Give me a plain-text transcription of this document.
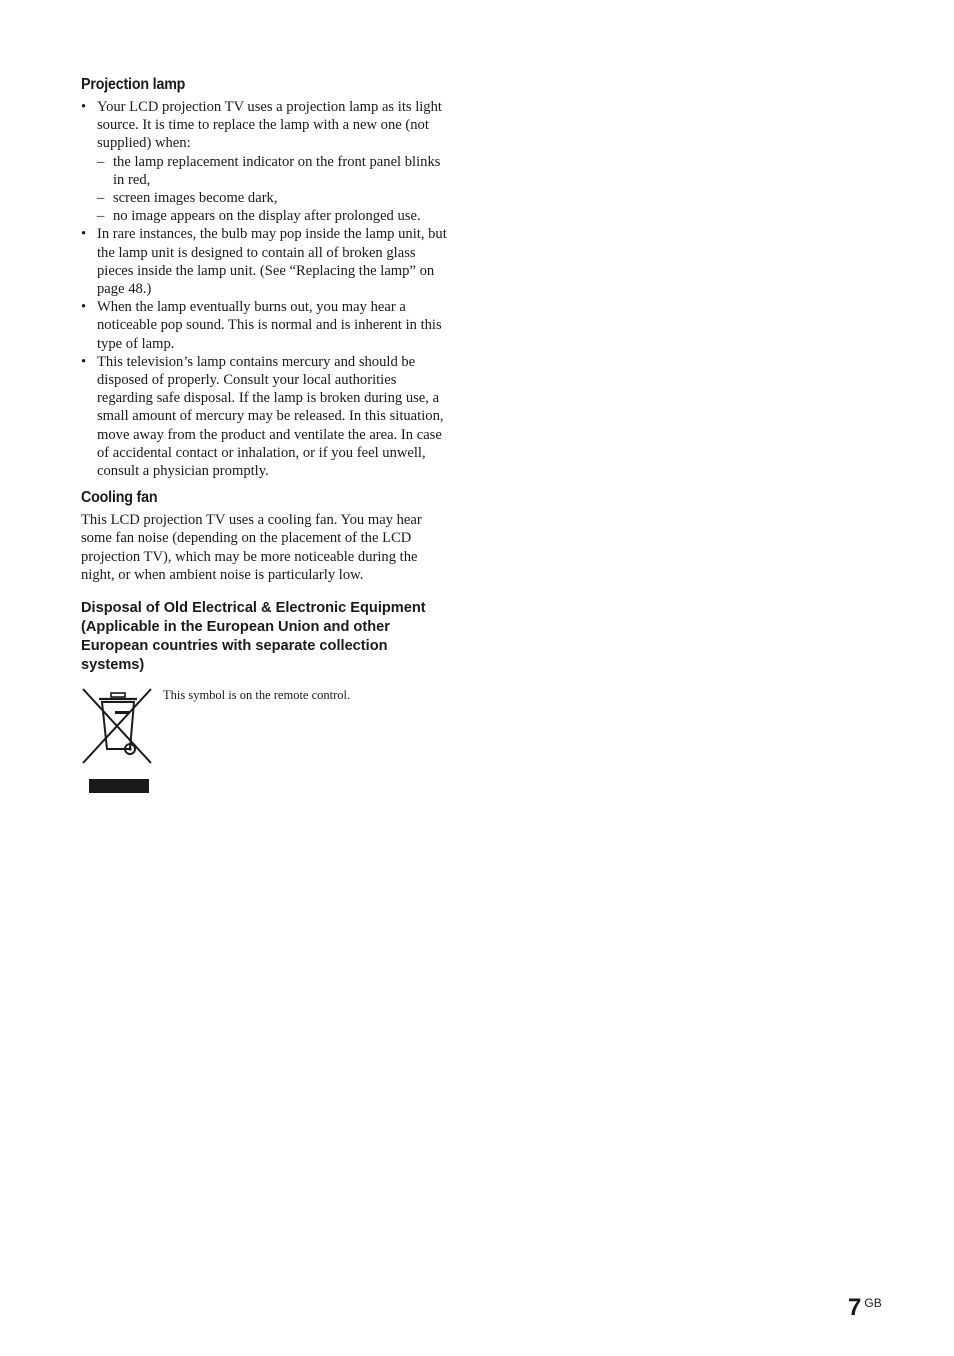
Projection lamp
• Your LCD projection TV uses a projection lamp as its light source. It is time to replace the lamp with a new one (not supplied) when:
– the lamp replacement indicator on the front panel blinks in red,
– screen images become dark,
– no image appears on the display after prolonged use.
• In rare instances, the bulb may pop inside the lamp unit, but the lamp unit is designed to contain all of broken glass pieces inside the lamp unit. (See “Replacing the lamp” on page 48.)
• When the lamp eventually burns out, you may hear a noticeable pop sound. This is normal and is inherent in this type of lamp.
• This television’s lamp contains mercury and should be disposed of properly. Consult your local authorities regarding safe disposal. If the lamp is broken during use, a small amount of mercury may be released. In this situation, move away from the product and ventilate the area. In case of accidental contact or inhalation, or if you feel unwell, consult a physician promptly.
Cooling fan

This LCD projection TV uses a cooling fan. You may hear some fan noise (depending on the placement of the LCD projection TV), which may be more noticeable during the night, or when ambient noise is particularly low.

Disposal of Old Electrical & Electronic Equipment (Applicable in the European Union and other European countries with separate collection systems)
This symbol is on the remote control.
7 $^{GB}$
